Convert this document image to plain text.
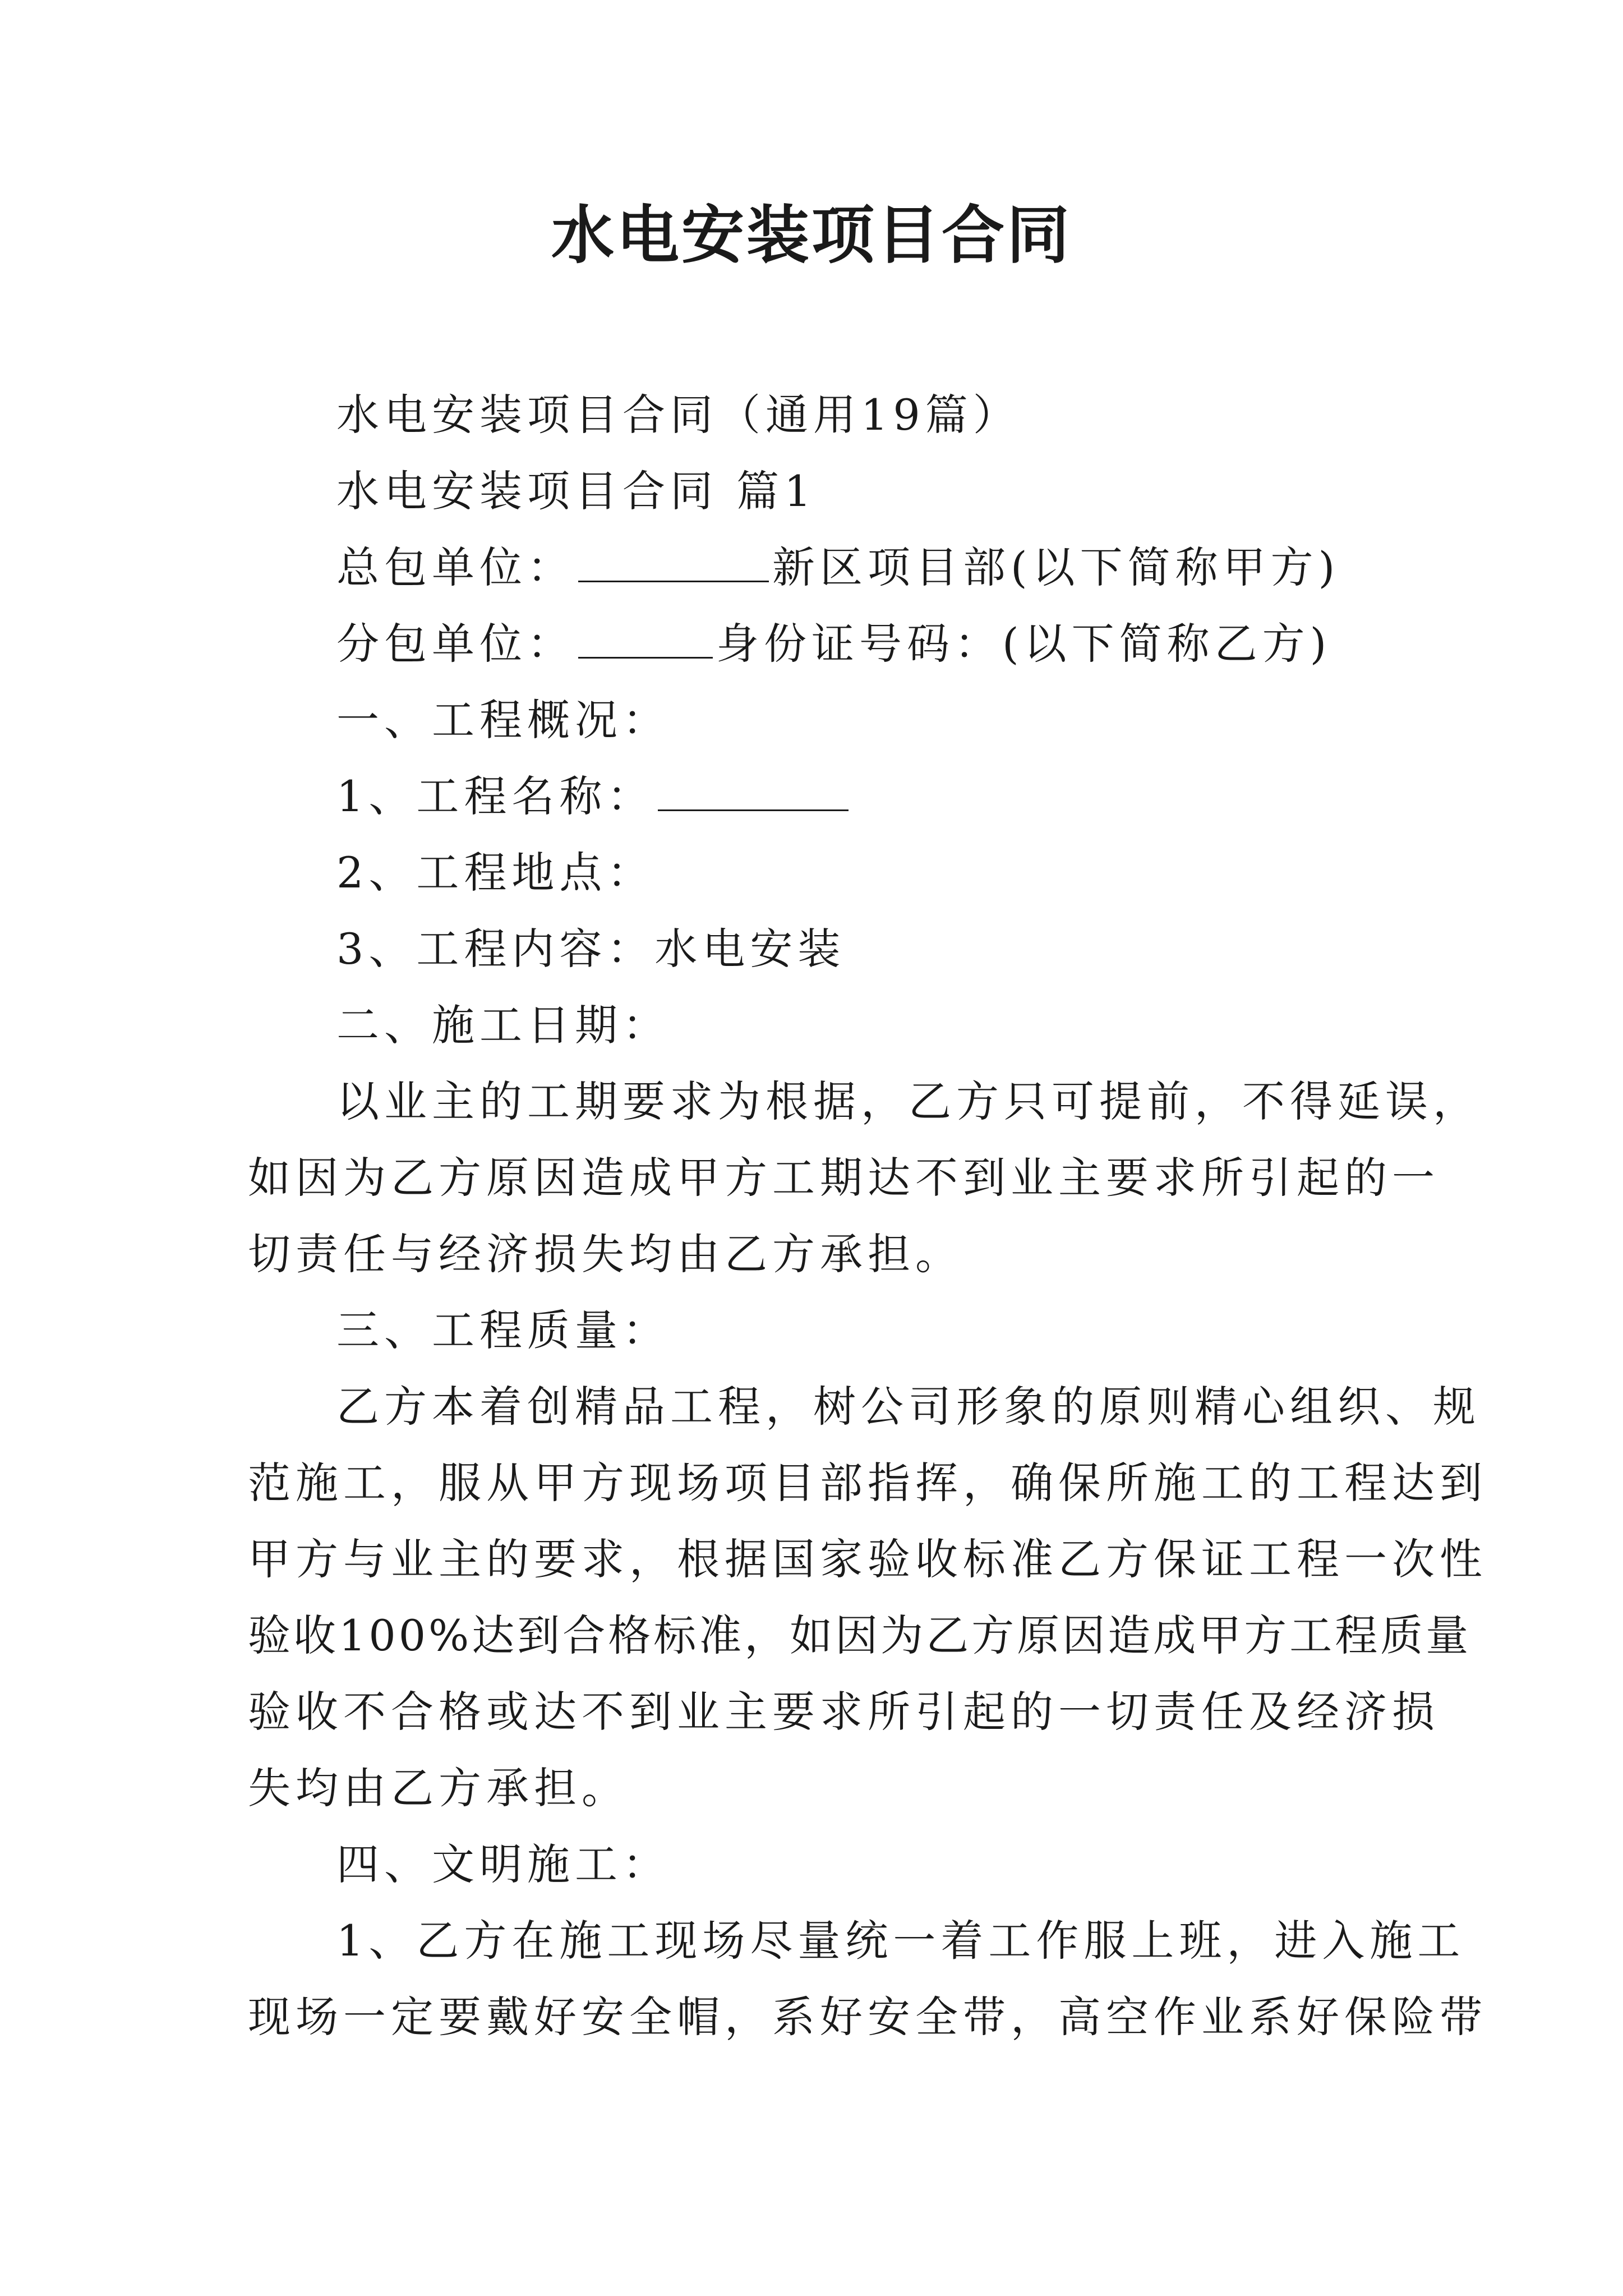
水电安装项目合同
水电安装项目合同（通用19篇）
水电安装项目合同 篇1
总包单位：	新区项目部(以下简称甲方)
分包单位：	身份证号码：(以下简称乙方)
一、工程概况：
1、工程名称：
2、工程地点：
3、工程内容：水电安装
二、施工日期：
以业主的工期要求为根据，乙方只可提前，不得延误，
如因为乙方原因造成甲方工期达不到业主要求所引起的一
切责任与经济损失均由乙方承担。
三、工程质量：
乙方本着创精品工程，树公司形象的原则精心组织、规
范施工，服从甲方现场项目部指挥，确保所施工的工程达到
甲方与业主的要求，根据国家验收标准乙方保证工程一次性
验收100%达到合格标准，如因为乙方原因造成甲方工程质量
验收不合格或达不到业主要求所引起的一切责任及经济损
失均由乙方承担。
四、文明施工：
1、乙方在施工现场尽量统一着工作服上班，进入施工
现场一定要戴好安全帽，系好安全带，高空作业系好保险带
